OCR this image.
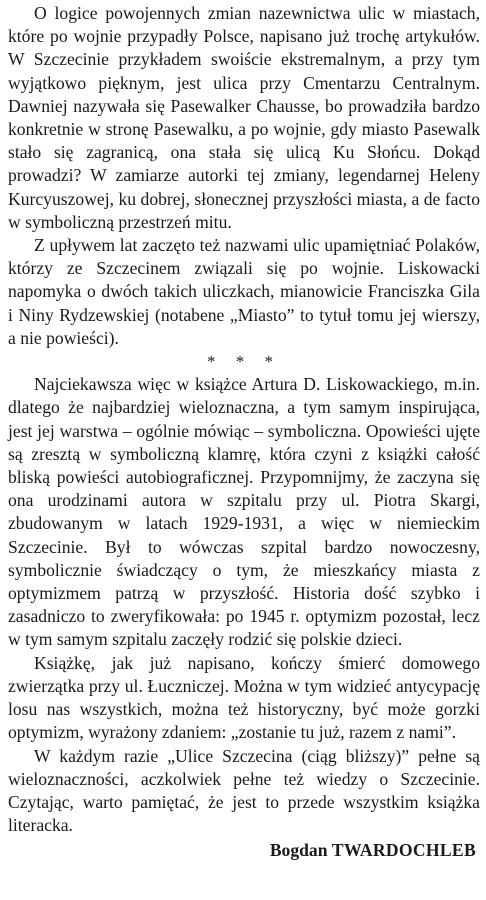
O logice powojennych zmian nazewnictwa ulic w miastach, które po wojnie przypadły Polsce, napisano już trochę artykułów. W Szczecinie przykładem swoiście ekstremalnym, a przy tym wyjątkowo pięknym, jest ulica przy Cmentarzu Centralnym. Dawniej nazywała się Pasewalker Chausse, bo prowadziła bardzo konkretnie w stronę Pasewalku, a po wojnie, gdy miasto Pasewalk stało się zagranicą, ona stała się ulicą Ku Słońcu. Dokąd prowadzi? W zamiarze autorki tej zmiany, legendarnej Heleny Kurcyuszowej, ku dobrej, słonecznej przyszłości miasta, a de facto w symboliczną przestrzeń mitu.

Z upływem lat zaczęto też nazwami ulic upamiętniać Polaków, którzy ze Szczecinem związali się po wojnie. Liskowacki napomyka o dwóch takich uliczkach, mianowicie Franciszka Gila i Niny Rydzewskiej (notabene „Miasto” to tytuł tomu jej wierszy, a nie powieści).

* * *

Najciekawsza więc w książce Artura D. Liskowackiego, m.in. dlatego że najbardziej wieloznaczna, a tym samym inspirująca, jest jej warstwa – ogólnie mówiąc – symboliczna. Opowieści ujęte są zresztą w symboliczną klamrę, która czyni z książki całość bliską powieści autobiograficznej. Przypomnijmy, że zaczyna się ona urodzinami autora w szpitalu przy ul. Piotra Skargi, zbudowanym w latach 1929-1931, a więc w niemieckim Szczecinie. Był to wówczas szpital bardzo nowoczesny, symbolicznie świadczący o tym, że mieszkańcy miasta z optymizmem patrzą w przyszłość. Historia dość szybko i zasadniczo to zweryfikowała: po 1945 r. optymizm pozostał, lecz w tym samym szpitalu zaczęły rodzić się polskie dzieci.

Książkę, jak już napisano, kończy śmierć domowego zwierzątka przy ul. Łuczniczej. Można w tym widzieć antycypację losu nas wszystkich, można też historyczny, być może gorzki optymizm, wyrażony zdaniem: „zostanie tu już, razem z nami”.

W każdym razie „Ulice Szczecina (ciąg bliższy)” pełne są wieloznaczności, aczkolwiek pełne też wiedzy o Szczecinie. Czytając, warto pamiętać, że jest to przede wszystkim książka literacka.

Bogdan TWARDOCHLEB
